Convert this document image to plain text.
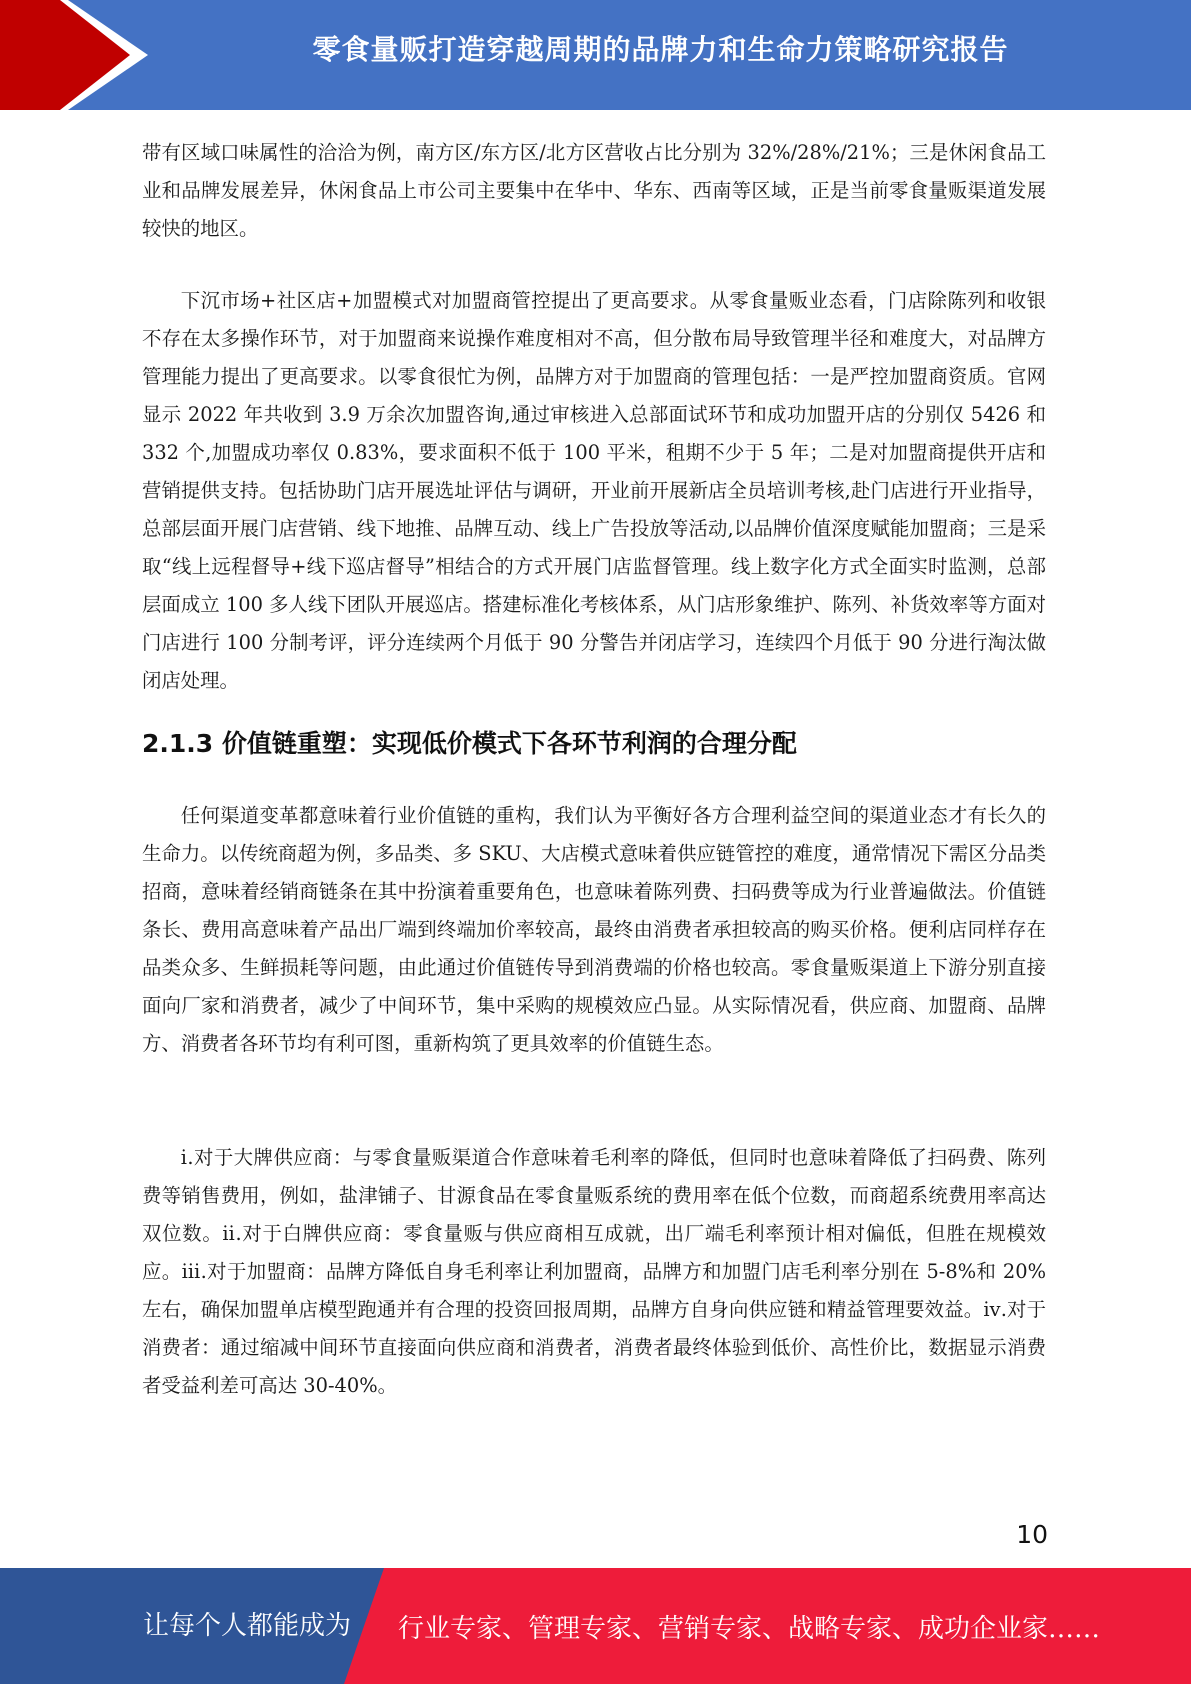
零食量贩打造穿越周期的品牌力和生命力策略研究报告

带有区域口味属性的洽洽为例，南方区/东方区/北方区营收占比分别为 32%/28%/21%；三是休闲食品工业和品牌发展差异，休闲食品上市公司主要集中在华中、华东、西南等区域，正是当前零食量贩渠道发展较快的地区。

下沉市场+社区店+加盟模式对加盟商管控提出了更高要求。从零食量贩业态看，门店除陈列和收银不存在太多操作环节，对于加盟商来说操作难度相对不高，但分散布局导致管理半径和难度大，对品牌方管理能力提出了更高要求。以零食很忙为例，品牌方对于加盟商的管理包括：一是严控加盟商资质。官网显示 2022 年共收到 3.9 万余次加盟咨询,通过审核进入总部面试环节和成功加盟开店的分别仅 5426 和 332 个,加盟成功率仅 0.83%，要求面积不低于 100 平米，租期不少于 5 年；二是对加盟商提供开店和营销提供支持。包括协助门店开展选址评估与调研，开业前开展新店全员培训考核,赴门店进行开业指导，总部层面开展门店营销、线下地推、品牌互动、线上广告投放等活动,以品牌价值深度赋能加盟商；三是采取“线上远程督导+线下巡店督导”相结合的方式开展门店监督管理。线上数字化方式全面实时监测，总部层面成立 100 多人线下团队开展巡店。搭建标准化考核体系，从门店形象维护、陈列、补货效率等方面对门店进行 100 分制考评，评分连续两个月低于 90 分警告并闭店学习，连续四个月低于 90 分进行淘汰做闭店处理。

2.1.3 价值链重塑：实现低价模式下各环节利润的合理分配

任何渠道变革都意味着行业价值链的重构，我们认为平衡好各方合理利益空间的渠道业态才有长久的生命力。以传统商超为例，多品类、多 SKU、大店模式意味着供应链管控的难度，通常情况下需区分品类招商，意味着经销商链条在其中扮演着重要角色，也意味着陈列费、扫码费等成为行业普遍做法。价值链条长、费用高意味着产品出厂端到终端加价率较高，最终由消费者承担较高的购买价格。便利店同样存在品类众多、生鲜损耗等问题，由此通过价值链传导到消费端的价格也较高。零食量贩渠道上下游分别直接面向厂家和消费者，减少了中间环节，集中采购的规模效应凸显。从实际情况看，供应商、加盟商、品牌方、消费者各环节均有利可图，重新构筑了更具效率的价值链生态。

ⅰ.对于大牌供应商：与零食量贩渠道合作意味着毛利率的降低，但同时也意味着降低了扫码费、陈列费等销售费用，例如，盐津铺子、甘源食品在零食量贩系统的费用率在低个位数，而商超系统费用率高达双位数。ⅱ.对于白牌供应商：零食量贩与供应商相互成就，出厂端毛利率预计相对偏低，但胜在规模效应。ⅲ.对于加盟商：品牌方降低自身毛利率让利加盟商，品牌方和加盟门店毛利率分别在 5-8%和 20%左右，确保加盟单店模型跑通并有合理的投资回报周期，品牌方自身向供应链和精益管理要效益。ⅳ.对于消费者：通过缩减中间环节直接面向供应商和消费者，消费者最终体验到低价、高性价比，数据显示消费者受益利差可高达 30-40%。

10
让每个人都能成为 行业专家、管理专家、营销专家、战略专家、成功企业家……
